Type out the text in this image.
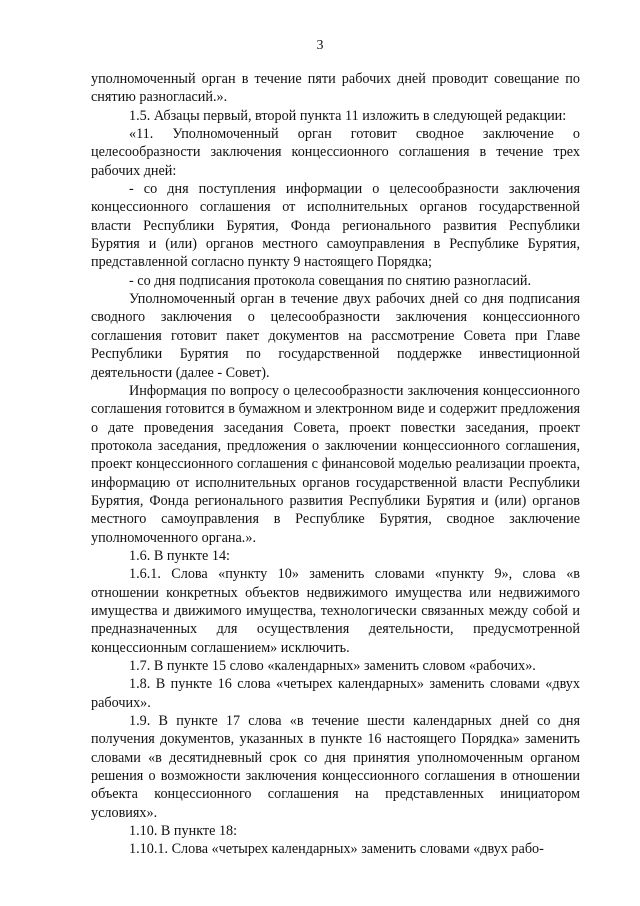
3

уполномоченный орган в течение пяти рабочих дней проводит совещание по снятию разногласий.».

1.5. Абзацы первый, второй пункта 11 изложить в следующей редакции:

«11. Уполномоченный орган готовит сводное заключение о целесообразности заключения концессионного соглашения в течение трех рабочих дней:

- со дня поступления информации о целесообразности заключения концессионного соглашения от исполнительных органов государственной власти Республики Бурятия, Фонда регионального развития Республики Бурятия и (или) органов местного самоуправления в Республике Бурятия, представленной согласно пункту 9 настоящего Порядка;

- со дня подписания протокола совещания по снятию разногласий.

Уполномоченный орган в течение двух рабочих дней со дня подписания сводного заключения о целесообразности заключения концессионного соглашения готовит пакет документов на рассмотрение Совета при Главе Республики Бурятия по государственной поддержке инвестиционной деятельности (далее - Совет).

Информация по вопросу о целесообразности заключения концессионного соглашения готовится в бумажном и электронном виде и содержит предложения о дате проведения заседания Совета, проект повестки заседания, проект протокола заседания, предложения о заключении концессионного соглашения, проект концессионного соглашения с финансовой моделью реализации проекта, информацию от исполнительных органов государственной власти Республики Бурятия, Фонда регионального развития Республики Бурятия и (или) органов местного самоуправления в Республике Бурятия, сводное заключение уполномоченного органа.».

1.6. В пункте 14:

1.6.1. Слова «пункту 10» заменить словами «пункту 9», слова «в отношении конкретных объектов недвижимого имущества или недвижимого имущества и движимого имущества, технологически связанных между собой и предназначенных для осуществления деятельности, предусмотренной концессионным соглашением» исключить.

1.7. В пункте 15 слово «календарных» заменить словом «рабочих».

1.8. В пункте 16 слова «четырех календарных» заменить словами «двух рабочих».

1.9. В пункте 17 слова «в течение шести календарных дней со дня получения документов, указанных в пункте 16 настоящего Порядка» заменить словами «в десятидневный срок со дня принятия уполномоченным органом решения о возможности заключения концессионного соглашения в отношении объекта концессионного соглашения на представленных инициатором условиях».

1.10. В пункте 18:

1.10.1. Слова «четырех календарных» заменить словами «двух рабо-
